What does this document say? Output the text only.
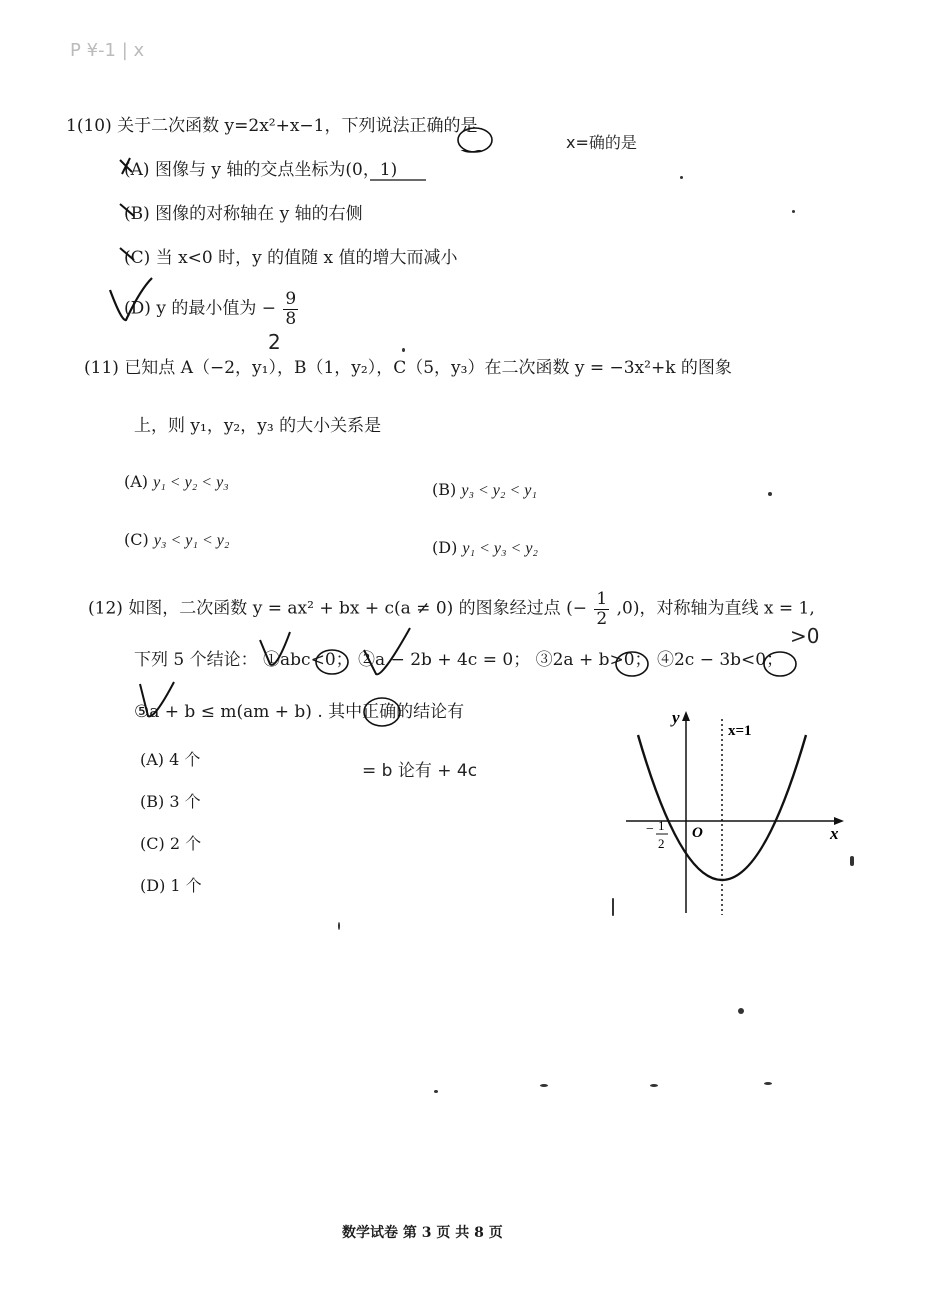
P ¥-1 | x
1(10) 关于二次函数 y=2x²+x−1，下列说法正确的是
x=确的是
(A) 图像与 y 轴的交点坐标为(0，1)
(B) 图像的对称轴在 y 轴的右侧
(C) 当 x<0 时，y 的值随 x 值的增大而减小
(D) y 的最小值为 − $\frac{9}{8}$
2
(11) 已知点 A（−2，y₁），B（1，y₂），C（5，y₃）在二次函数 y = −3x²+k 的图象
上，则 y₁，y₂，y₃ 的大小关系是
(A) y₁ < y₂ < y₃	(B) y₃ < y₂ < y₁
(C) y₃ < y₁ < y₂	(D) y₁ < y₃ < y₂
(12) 如图，二次函数 y = ax² + bx + c(a ≠ 0) 的图象经过点 (− $\frac{1}{2} ,0$)，对称轴为直线 x = 1,
>0
下列 5 个结论： ①abc<0； ②a − 2b + 4c = 0； ③2a + b>0； ④2c − 3b<0；
⑤a + b ≤ m(am + b) . 其中正确的结论有
= b 论有 + 4c
(A) 4 个
(B) 3 个
(C) 2 个
(D) 1 个
y
x
O
x=1
− 1
2
数学试卷 第 3 页 共 8 页
